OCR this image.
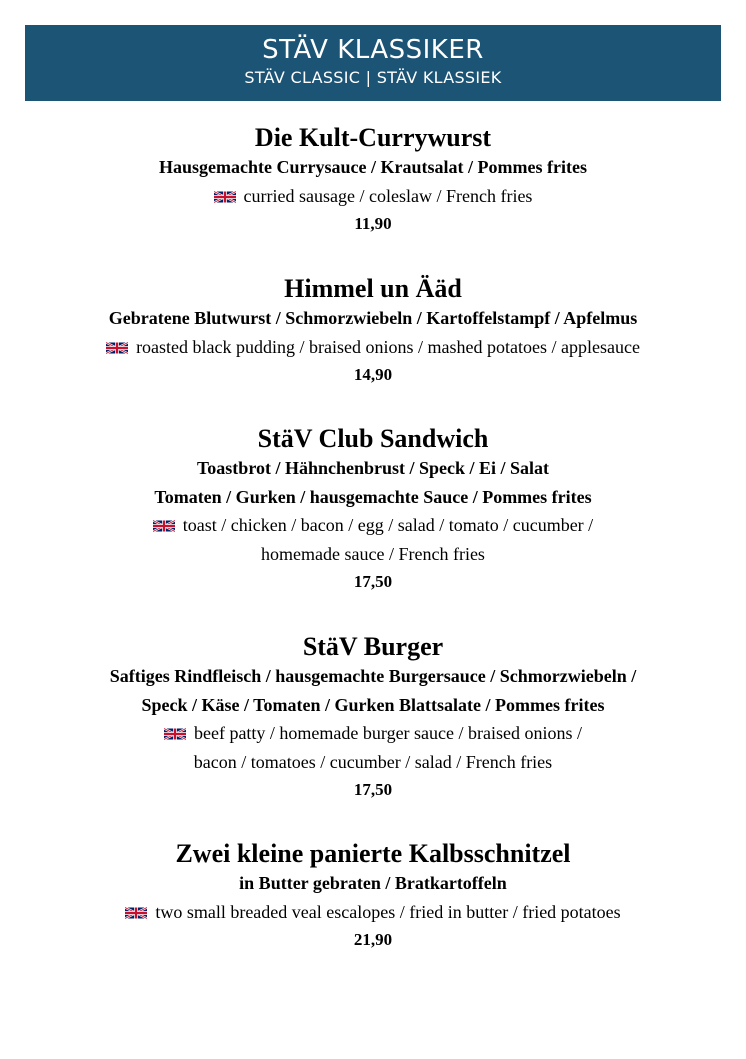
STÄV KLASSIKER
STÄV CLASSIC | STÄV KLASSIEK
Die Kult-Currywurst
Hausgemachte Currysauce / Krautsalat / Pommes frites
curried sausage / coleslaw / French fries
11,90
Himmel un Ääd
Gebratene Blutwurst / Schmorzwiebeln / Kartoffelstampf / Apfelmus
roasted black pudding / braised onions / mashed potatoes / applesauce
14,90
StäV Club Sandwich
Toastbrot / Hähnchenbrust / Speck / Ei / Salat
Tomaten / Gurken / hausgemachte Sauce / Pommes frites
toast / chicken / bacon / egg / salad / tomato / cucumber /
homemade sauce / French fries
17,50
StäV Burger
Saftiges Rindfleisch / hausgemachte Burgersauce / Schmorzwiebeln /
Speck / Käse / Tomaten / Gurken Blattsalate / Pommes frites
beef patty / homemade burger sauce / braised onions /
bacon / tomatoes / cucumber / salad / French fries
17,50
Zwei kleine panierte Kalbsschnitzel
in Butter gebraten / Bratkartoffeln
two small breaded veal escalopes / fried in butter / fried potatoes
21,90
